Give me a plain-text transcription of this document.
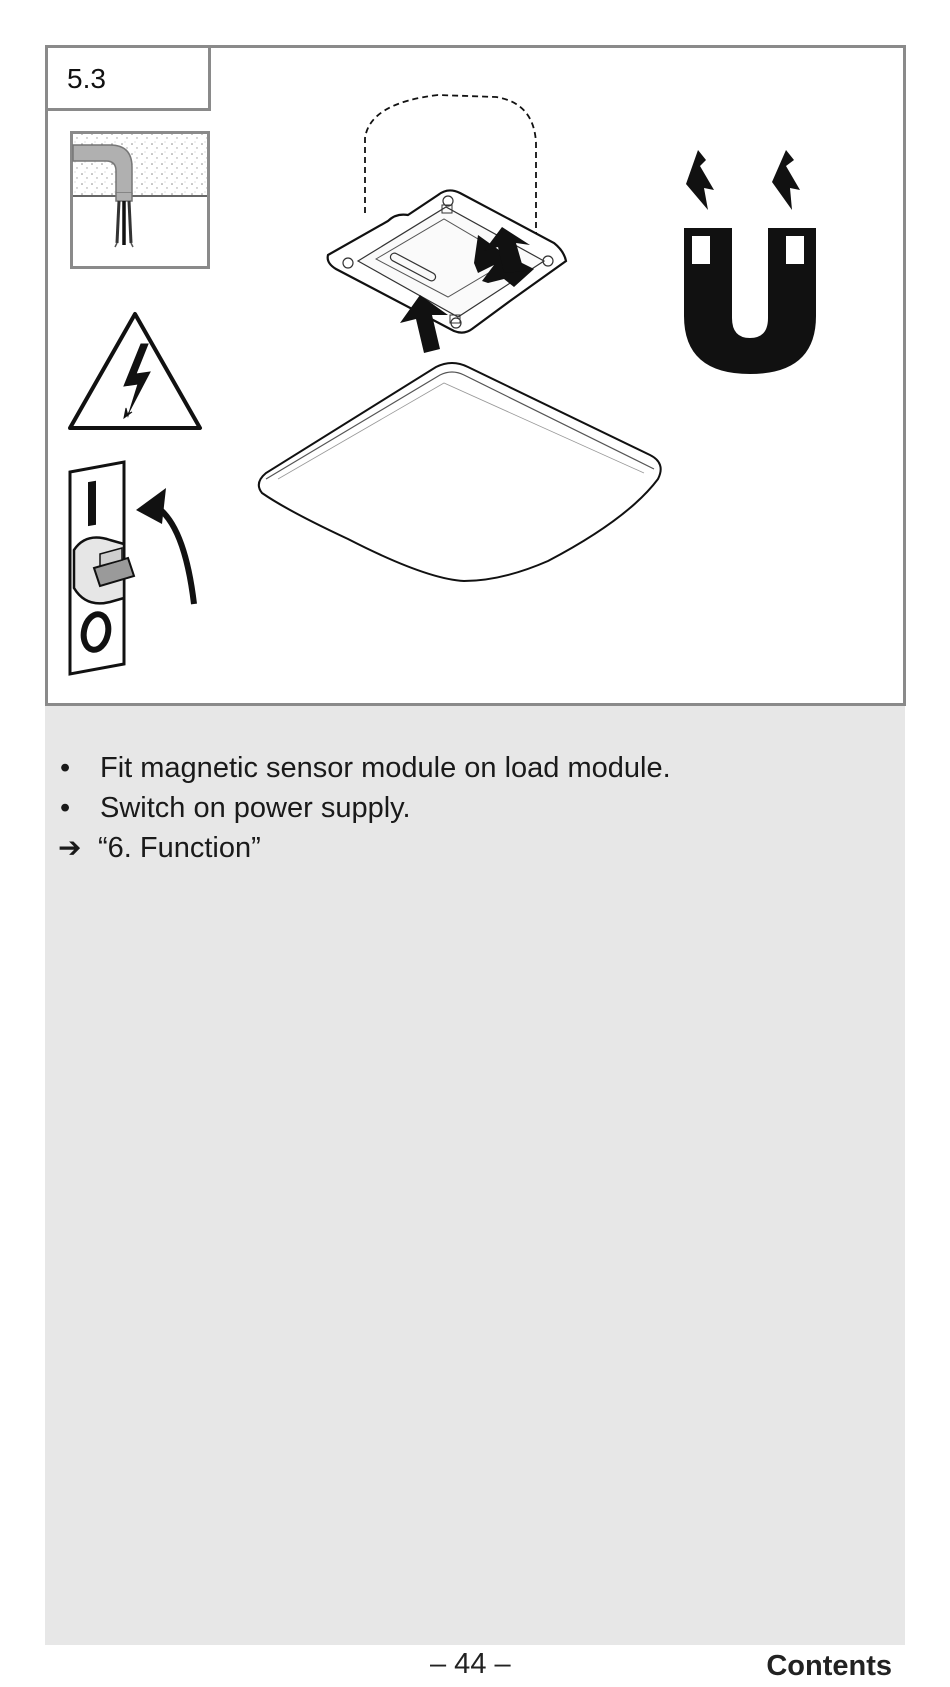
5.3
•	Fit magnetic sensor module on load module.
•	Switch on power supply.
➔ “6. Function”
– 44 –	Contents
